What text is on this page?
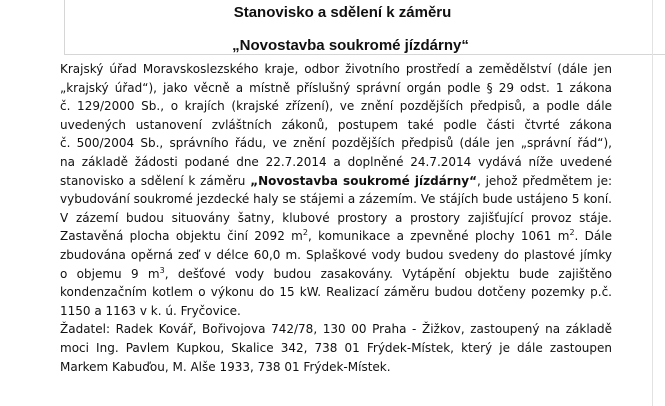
Stanovisko a sdělení k záměru
„Novostavba soukromé jízdárny“
Krajský úřad Moravskoslezského kraje, odbor životního prostředí a zemědělství (dále jen
„krajský úřad“), jako věcně a místně příslušný správní orgán podle § 29 odst. 1 zákona
č. 129/2000 Sb., o krajích (krajské zřízení), ve znění pozdějších předpisů, a podle dále
uvedených ustanovení zvláštních zákonů, postupem také podle části čtvrté zákona
č. 500/2004 Sb., správního řádu, ve znění pozdějších předpisů (dále jen „správní řád“),
na základě žádosti podané dne 22.7.2014 a doplněné 24.7.2014 vydává níže uvedené
stanovisko a sdělení k záměru „Novostavba soukromé jízdárny“, jehož předmětem je:
vybudování soukromé jezdecké haly se stájemi a zázemím. Ve stájích bude ustájeno 5 koní.
V zázemí budou situovány šatny, klubové prostory a prostory zajišťující provoz stáje.
Zastavěná plocha objektu činí 2092 $m^2$, komunikace a zpevněné plochy 1061 $m^2$. Dále
zbudována opěrná zeď v délce 60,0 m. Splaškové vody budou svedeny do plastové jímky
o objemu 9 $m^3$, dešťové vody budou zasakovány. Vytápění objektu bude zajištěno
kondenzačním kotlem o výkonu do 15 kW. Realizací záměru budou dotčeny pozemky p.č.
1150 a 1163 v k. ú. Fryčovice.
Žadatel: Radek Kovář, Bořivojova 742/78, 130 00 Praha - Žižkov, zastoupený na základě
moci Ing. Pavlem Kupkou, Skalice 342, 738 01 Frýdek-Místek, který je dále zastoupen
Markem Kabuďou, M. Alše 1933, 738 01 Frýdek-Místek.
